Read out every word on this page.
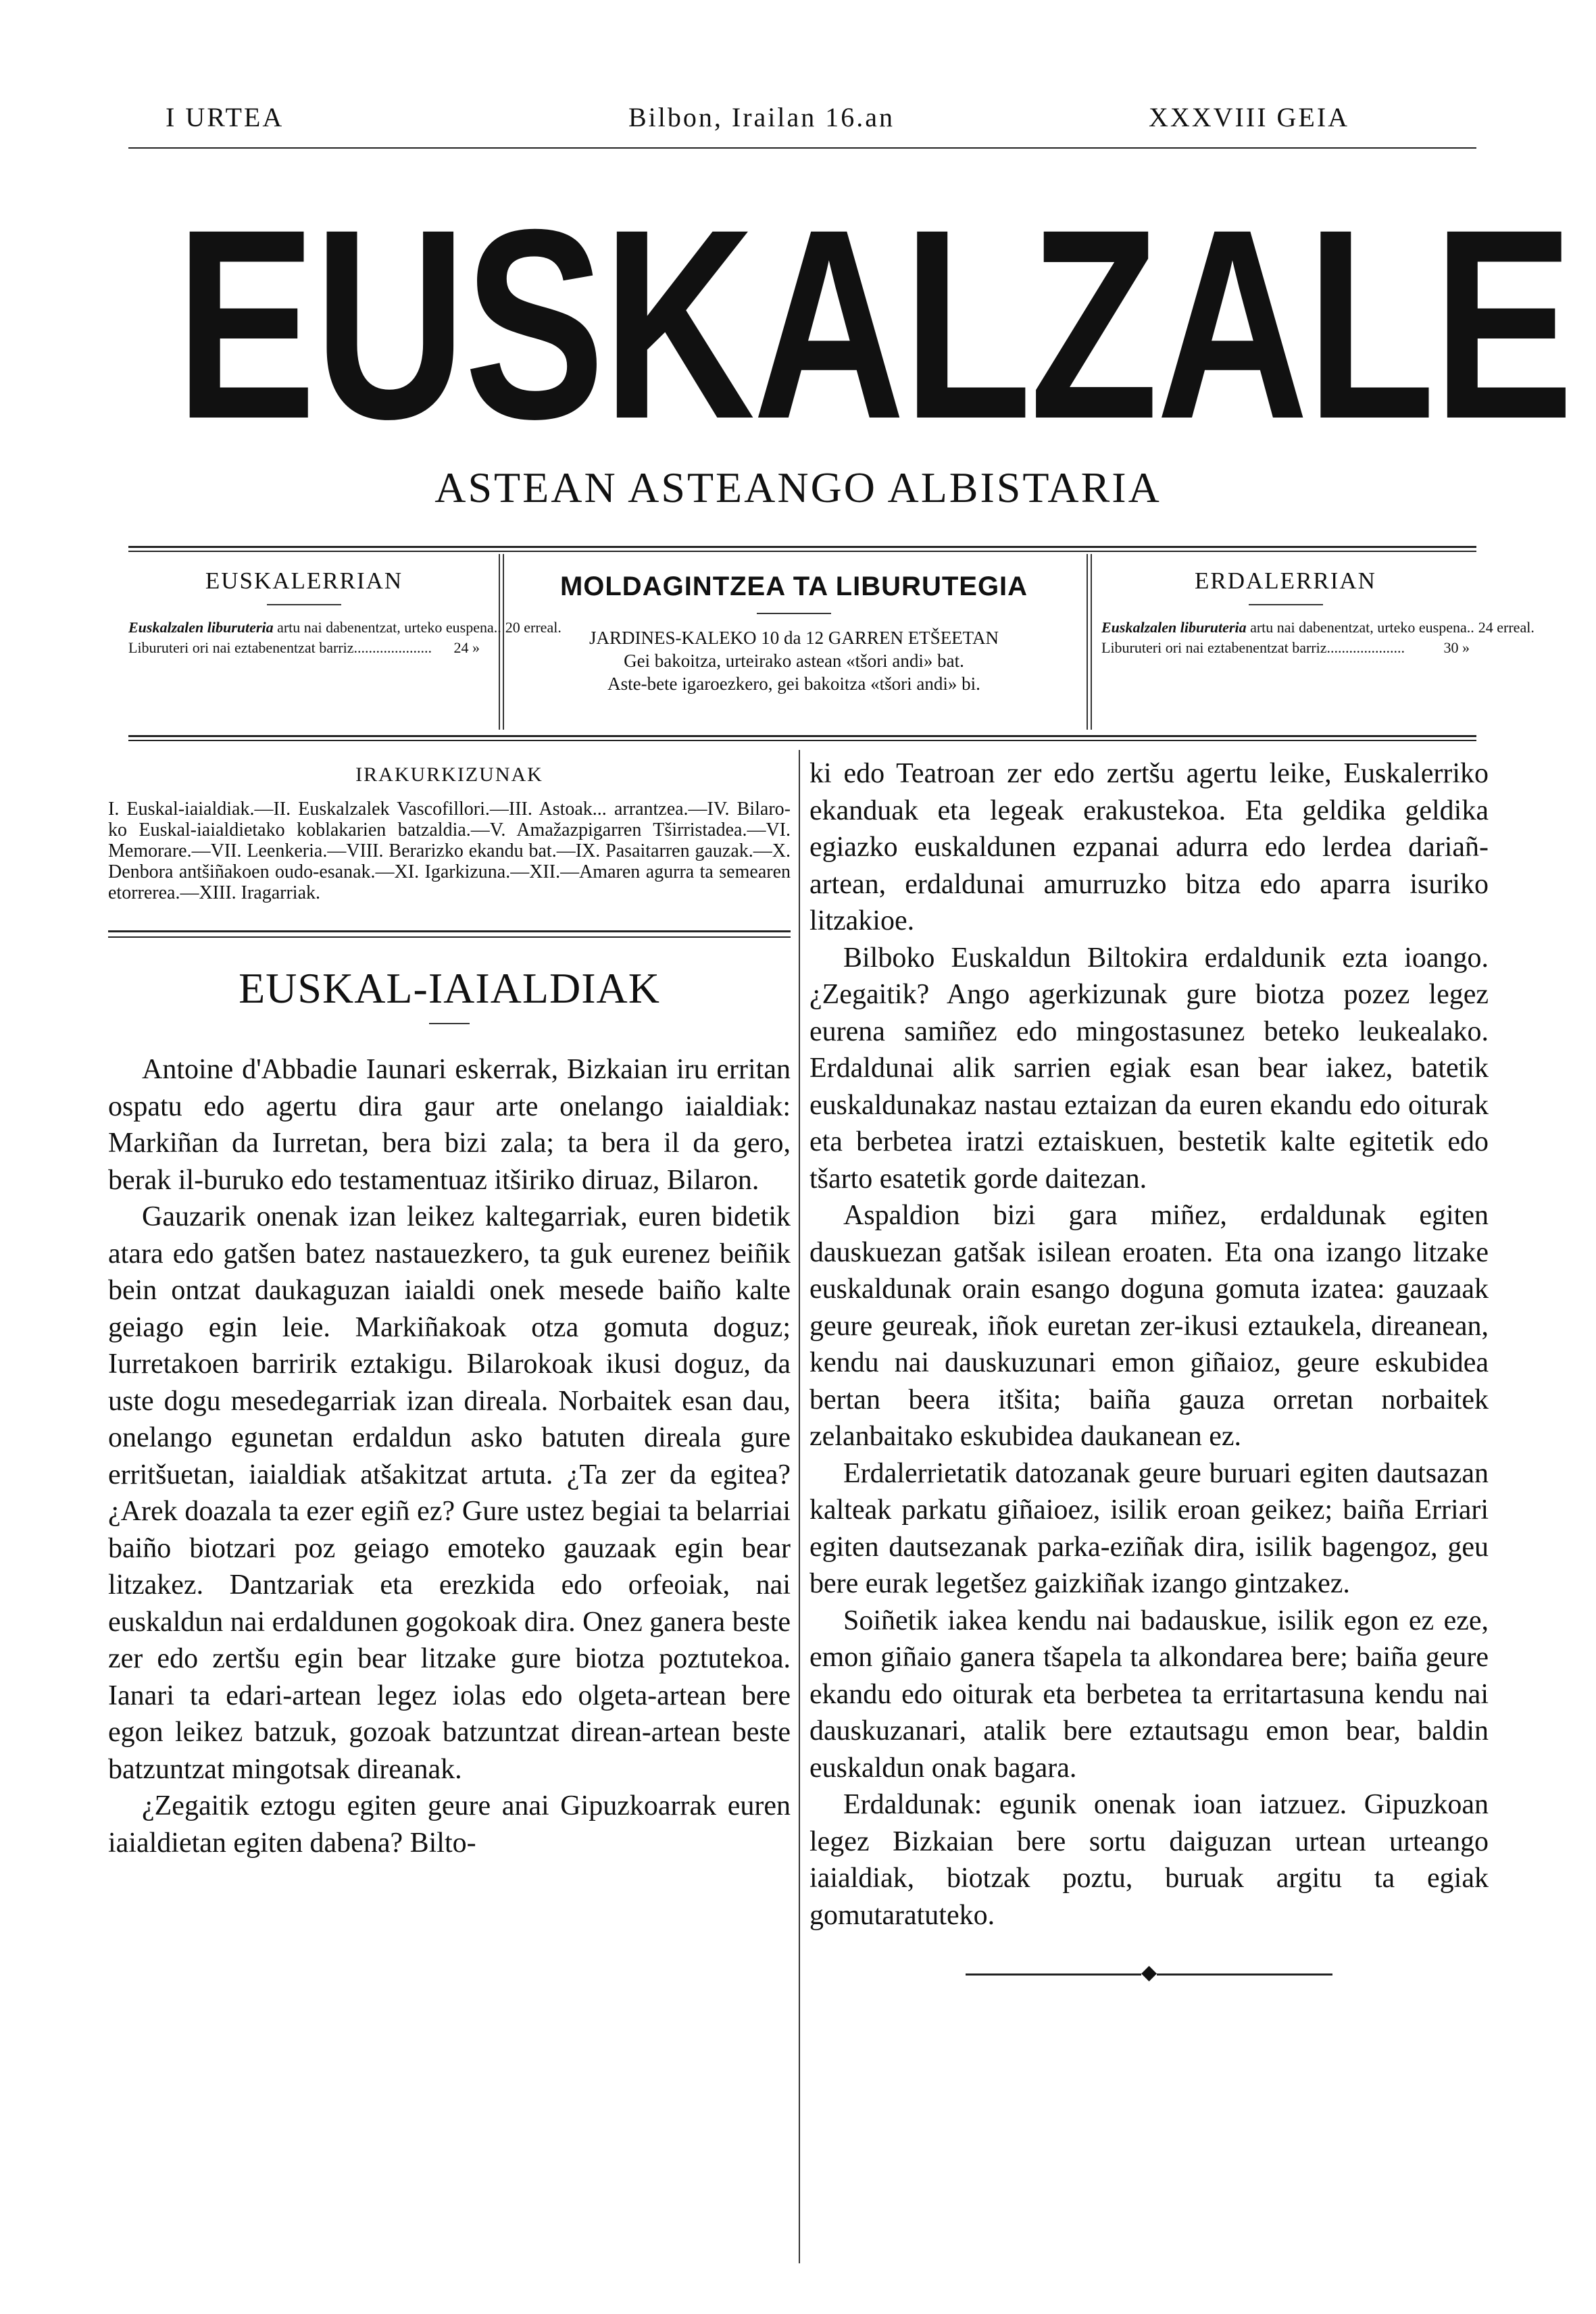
I URTEA	Bilbon, Irailan 16.an	XXXVIII GEIA
EUSKALZALE
ASTEAN ASTEANGO ALBISTARIA
EUSKALERRIAN
Euskalzalen liburuteria artu nai dabenentzat, urteko euspena.. 20 erreal.
Liburuteri ori nai eztabenentzat barriz..................... 24 »
MOLDAGINTZEA TA LIBURUTEGIA
JARDINES-KALEKO 10 da 12 GARREN ETŠEETAN
Gei bakoitza, urteirako astean «tšori andi» bat.
Aste-bete igaroezkero, gei bakoitza «tšori andi» bi.
ERDALERRIAN
Euskalzalen liburuteria artu nai dabenentzat, urteko euspena.. 24 erreal.
Liburuteri ori nai eztabenentzat barriz.....................	30 »
IRAKURKIZUNAK
I. Euskal-iaialdiak.—II. Euskalzalek Vascofillori.—III. Astoak... arrantzea.—IV. Bilaro-ko Euskal-iaialdietako koblakarien batzaldia.—V. Amažazpigarren Tširristadea.—VI. Memorare.—VII. Leenkeria.—VIII. Berarizko ekandu bat.—IX. Pasaitarren gauzak.—X. Denbora antšiñakoen oudo-esanak.—XI. Igarkizuna.—XII.—Amaren agurra ta semearen etorrerea.—XIII. Iragarriak.
EUSKAL-IAIALDIAK

Antoine d'Abbadie Iaunari eskerrak, Bizkaian iru erritan ospatu edo agertu dira gaur arte onelango iaialdiak: Markiñan da Iurretan, bera bizi zala; ta bera il da gero, berak il-buruko edo testamentuaz itširiko diruaz, Bilaron.

Gauzarik onenak izan leikez kaltegarriak, euren bidetik atara edo gatšen batez nastauezkero, ta guk eurenez beiñik bein ontzat daukaguzan iaialdi onek mesede baiño kalte geiago egin leie. Markiñakoak otza gomuta doguz; Iurretakoen barririk eztakigu. Bilarokoak ikusi doguz, da uste dogu mesedegarriak izan direala. Norbaitek esan dau, onelango egunetan erdaldun asko batuten direala gure erritšuetan, iaialdiak atšakitzat artuta. ¿Ta zer da egitea? ¿Arek doazala ta ezer egiñ ez? Gure ustez begiai ta belarriai baiño biotzari poz geiago emoteko gauzaak egin bear litzakez. Dantzariak eta erezkida edo orfeoiak, nai euskaldun nai erdaldunen gogokoak dira. Onez ganera beste zer edo zertšu egin bear litzake gure biotza poztutekoa. Ianari ta edari-artean legez iolas edo olgeta-artean bere egon leikez batzuk, gozoak batzuntzat direan-artean beste batzuntzat mingotsak direanak.

¿Zegaitik eztogu egiten geure anai Gipuzkoarrak euren iaialdietan egiten dabena? Bilto-

ki edo Teatroan zer edo zertšu agertu leike, Euskalerriko ekanduak eta legeak erakustekoa. Eta geldika geldika egiazko euskaldunen ezpanai adurra edo lerdea dariañ-artean, erdaldunai amurruzko bitza edo aparra isuriko litzakioe.

Bilboko Euskaldun Biltokira erdaldunik ezta ioango. ¿Zegaitik? Ango agerkizunak gure biotza pozez legez eurena samiñez edo mingostasunez beteko leukealako. Erdaldunai alik sarrien egiak esan bear iakez, batetik euskaldunakaz nastau eztaizan da euren ekandu edo oiturak eta berbetea iratzi eztaiskuen, bestetik kalte egitetik edo tšarto esatetik gorde daitezan.

Aspaldion bizi gara miñez, erdaldunak egiten dauskuezan gatšak isilean eroaten. Eta ona izango litzake euskaldunak orain esango doguna gomuta izatea: gauzaak geure geureak, iñok euretan zer-ikusi eztaukela, direanean, kendu nai dauskuzunari emon giñaioz, geure eskubidea bertan beera itšita; baiña gauza orretan norbaitek zelanbaitako eskubidea daukanean ez.

Erdalerrietatik datozanak geure buruari egiten dautsazan kalteak parkatu giñaioez, isilik eroan geikez; baiña Erriari egiten dautsezanak parka-eziñak dira, isilik bagengoz, geu bere eurak legetšez gaizkiñak izango gintzakez.

Soiñetik iakea kendu nai badauskue, isilik egon ez eze, emon giñaio ganera tšapela ta alkondarea bere; baiña geure ekandu edo oiturak eta berbetea ta erritartasuna kendu nai dauskuzanari, atalik bere eztautsagu emon bear, baldin euskaldun onak bagara.

Erdaldunak: egunik onenak ioan iatzuez. Gipuzkoan legez Bizkaian bere sortu daiguzan urtean urteango iaialdiak, biotzak poztu, buruak argitu ta egiak gomutaratuteko.

◆
